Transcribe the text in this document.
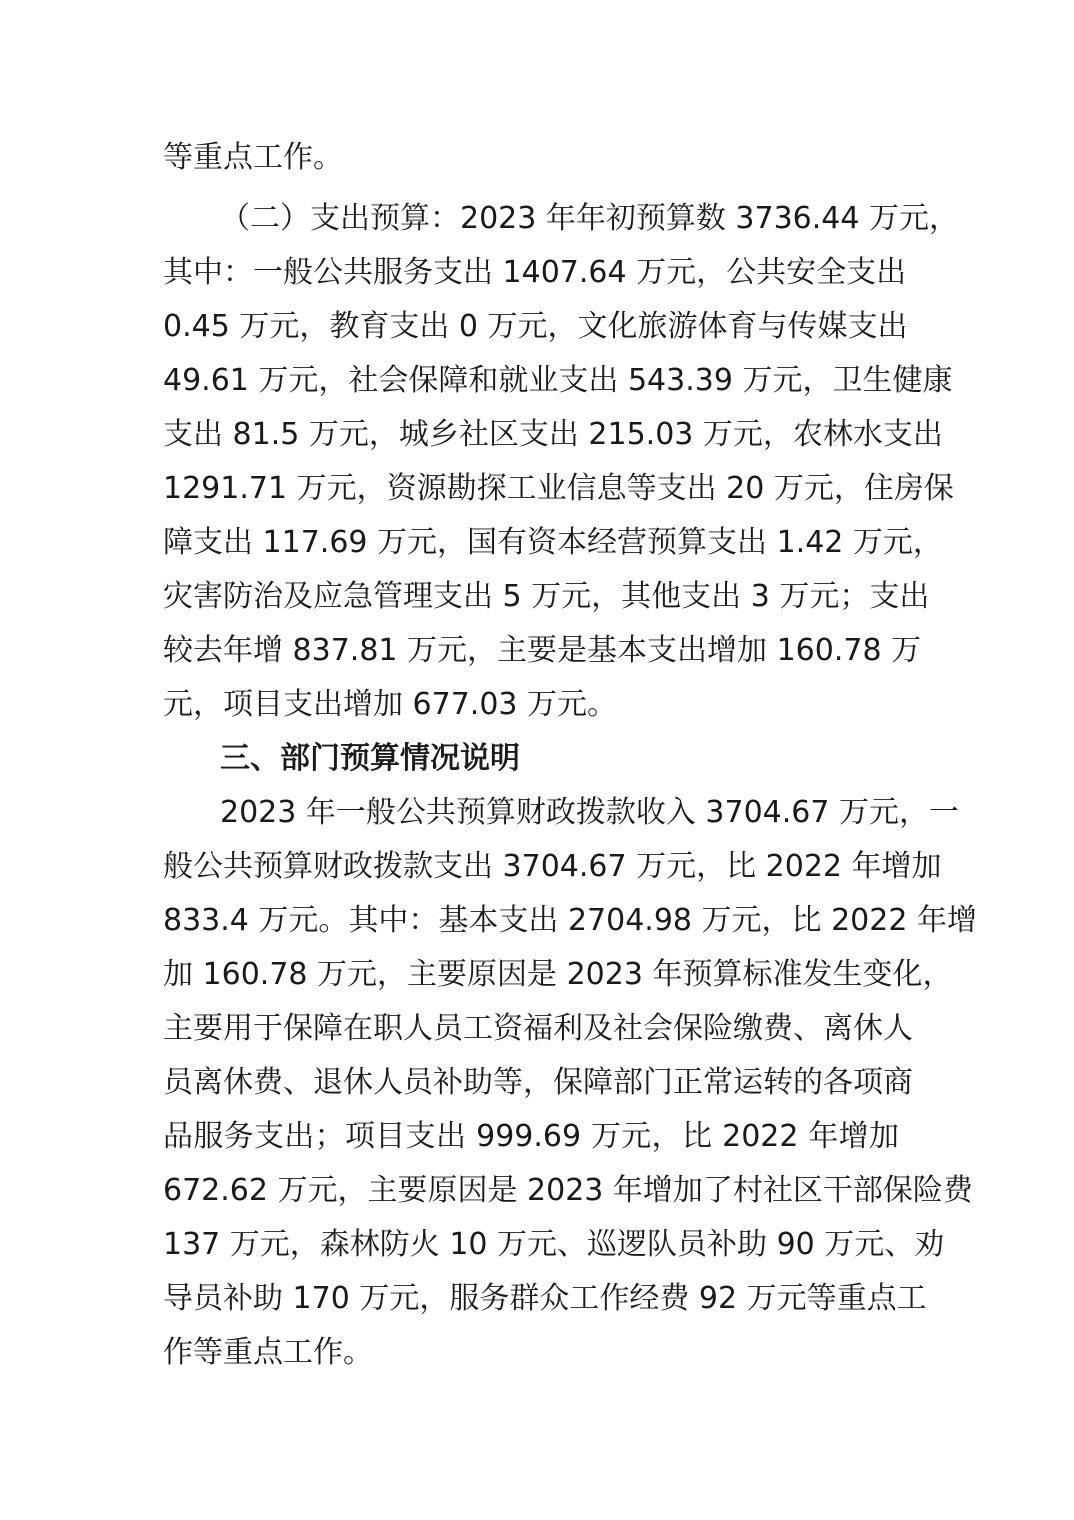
等重点工作。
（二）支出预算：2023 年年初预算数 3736.44 万元，
其中：一般公共服务支出 1407.64 万元，公共安全支出
0.45 万元，教育支出 0 万元，文化旅游体育与传媒支出
49.61 万元，社会保障和就业支出 543.39 万元，卫生健康
支出 81.5 万元，城乡社区支出 215.03 万元，农林水支出
1291.71 万元，资源勘探工业信息等支出 20 万元，住房保
障支出 117.69 万元，国有资本经营预算支出 1.42 万元，
灾害防治及应急管理支出 5 万元，其他支出 3 万元；支出
较去年增 837.81 万元，主要是基本支出增加 160.78 万
元，项目支出增加 677.03 万元。
三、部门预算情况说明
2023 年一般公共预算财政拨款收入 3704.67 万元，一
般公共预算财政拨款支出 3704.67 万元，比 2022 年增加
833.4 万元。其中：基本支出 2704.98 万元，比 2022 年增
加 160.78 万元，主要原因是 2023 年预算标准发生变化，
主要用于保障在职人员工资福利及社会保险缴费、离休人
员离休费、退休人员补助等，保障部门正常运转的各项商
品服务支出；项目支出 999.69 万元，比 2022 年增加
672.62 万元，主要原因是 2023 年增加了村社区干部保险费
137 万元，森林防火 10 万元、巡逻队员补助 90 万元、劝
导员补助 170 万元，服务群众工作经费 92 万元等重点工
作等重点工作。
